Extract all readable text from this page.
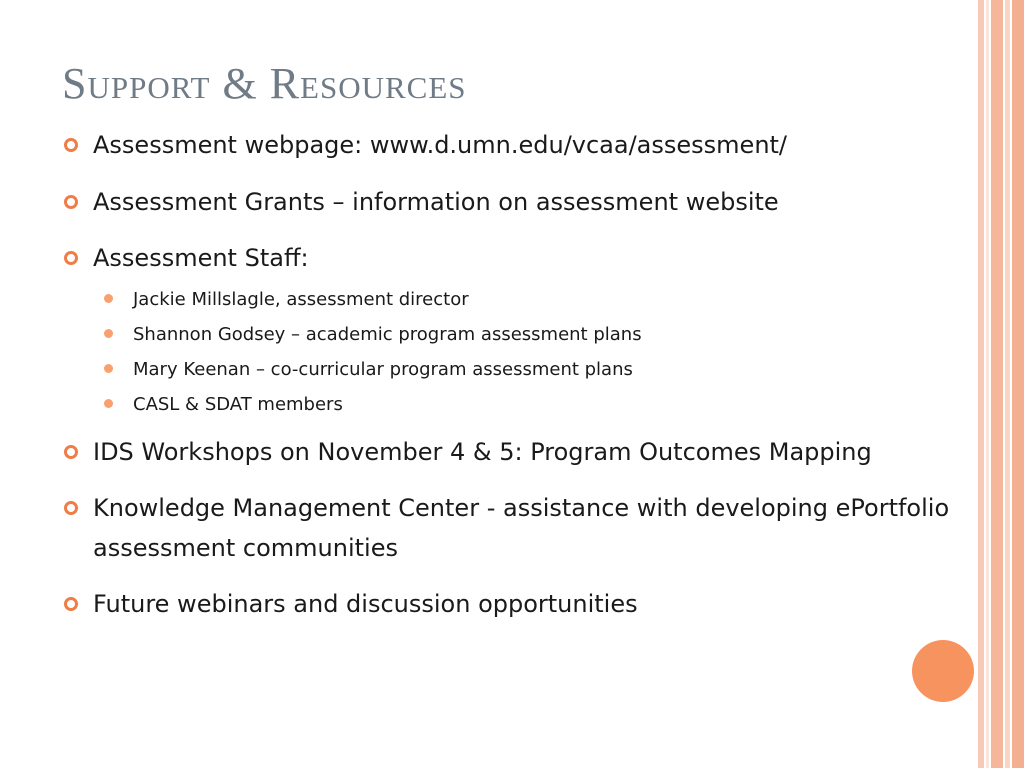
Support & Resources
Assessment webpage: www.d.umn.edu/vcaa/assessment/
Assessment Grants – information on assessment website
Assessment Staff:
Jackie Millslagle, assessment director
Shannon Godsey – academic program assessment plans
Mary Keenan – co-curricular program assessment plans
CASL & SDAT members
IDS Workshops on November 4 & 5: Program Outcomes Mapping
Knowledge Management Center - assistance with developing ePortfolio assessment communities
Future webinars and discussion opportunities
